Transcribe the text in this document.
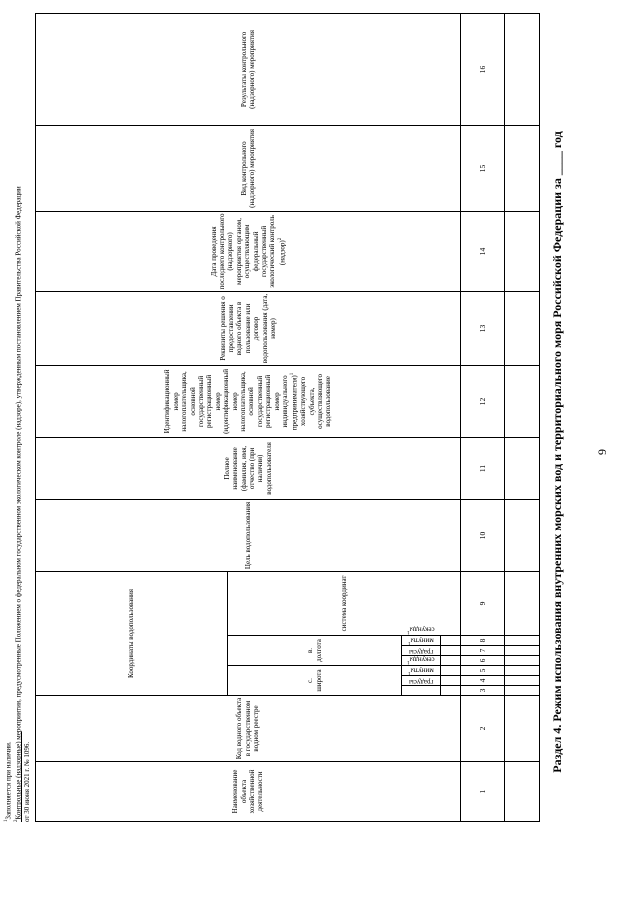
9
Раздел 4. Режим использования внутренних морских вод и территориального моря Российской Федерации за ____ год
Наименование объекта хозяйственной деятельности	Код водного объекта в государственном водном реестре	Координаты водопользования							Цель водопользования	Полное наименование (фамилия, имя, отчество (при наличии) водопользователя	Идентификационный номер налогоплательщика, основной государственный регистрационный номер (идентификационный номер налогоплательщика, основной государственный регистрационный номер индивидуального предпринимателя)$^1$ хозяйствующего субъекта, осуществляющего водопользование	Реквизиты решения о предоставлении водного объекта в пользование или договор водопользования (дата, номер)	Дата проведения последнего контрольного (надзорного) мероприятия органом, осуществляющим федеральный государственный экологический контроль (надзор)$^2$	Вид контрольного (надзорного) мероприятия	Результаты контрольного (надзорного) мероприятия
		с. широта			в. долгота			система координат							
		градусы	минуты$^1$	секунды$^1$	градусы	минуты$^1$	секунды$^1$

1	2	3	4	5	6	7	8	9	10	11	12	13	14	15	16

$^1$Заполняется при наличии.
$^2$Контрольные (надзорные) мероприятия, предусмотренные Положением о федеральном государственном экологическом контроле (надзоре), утвержденным постановлением Правительства Российской Федерации от 30 июня 2021 г. № 1096.
